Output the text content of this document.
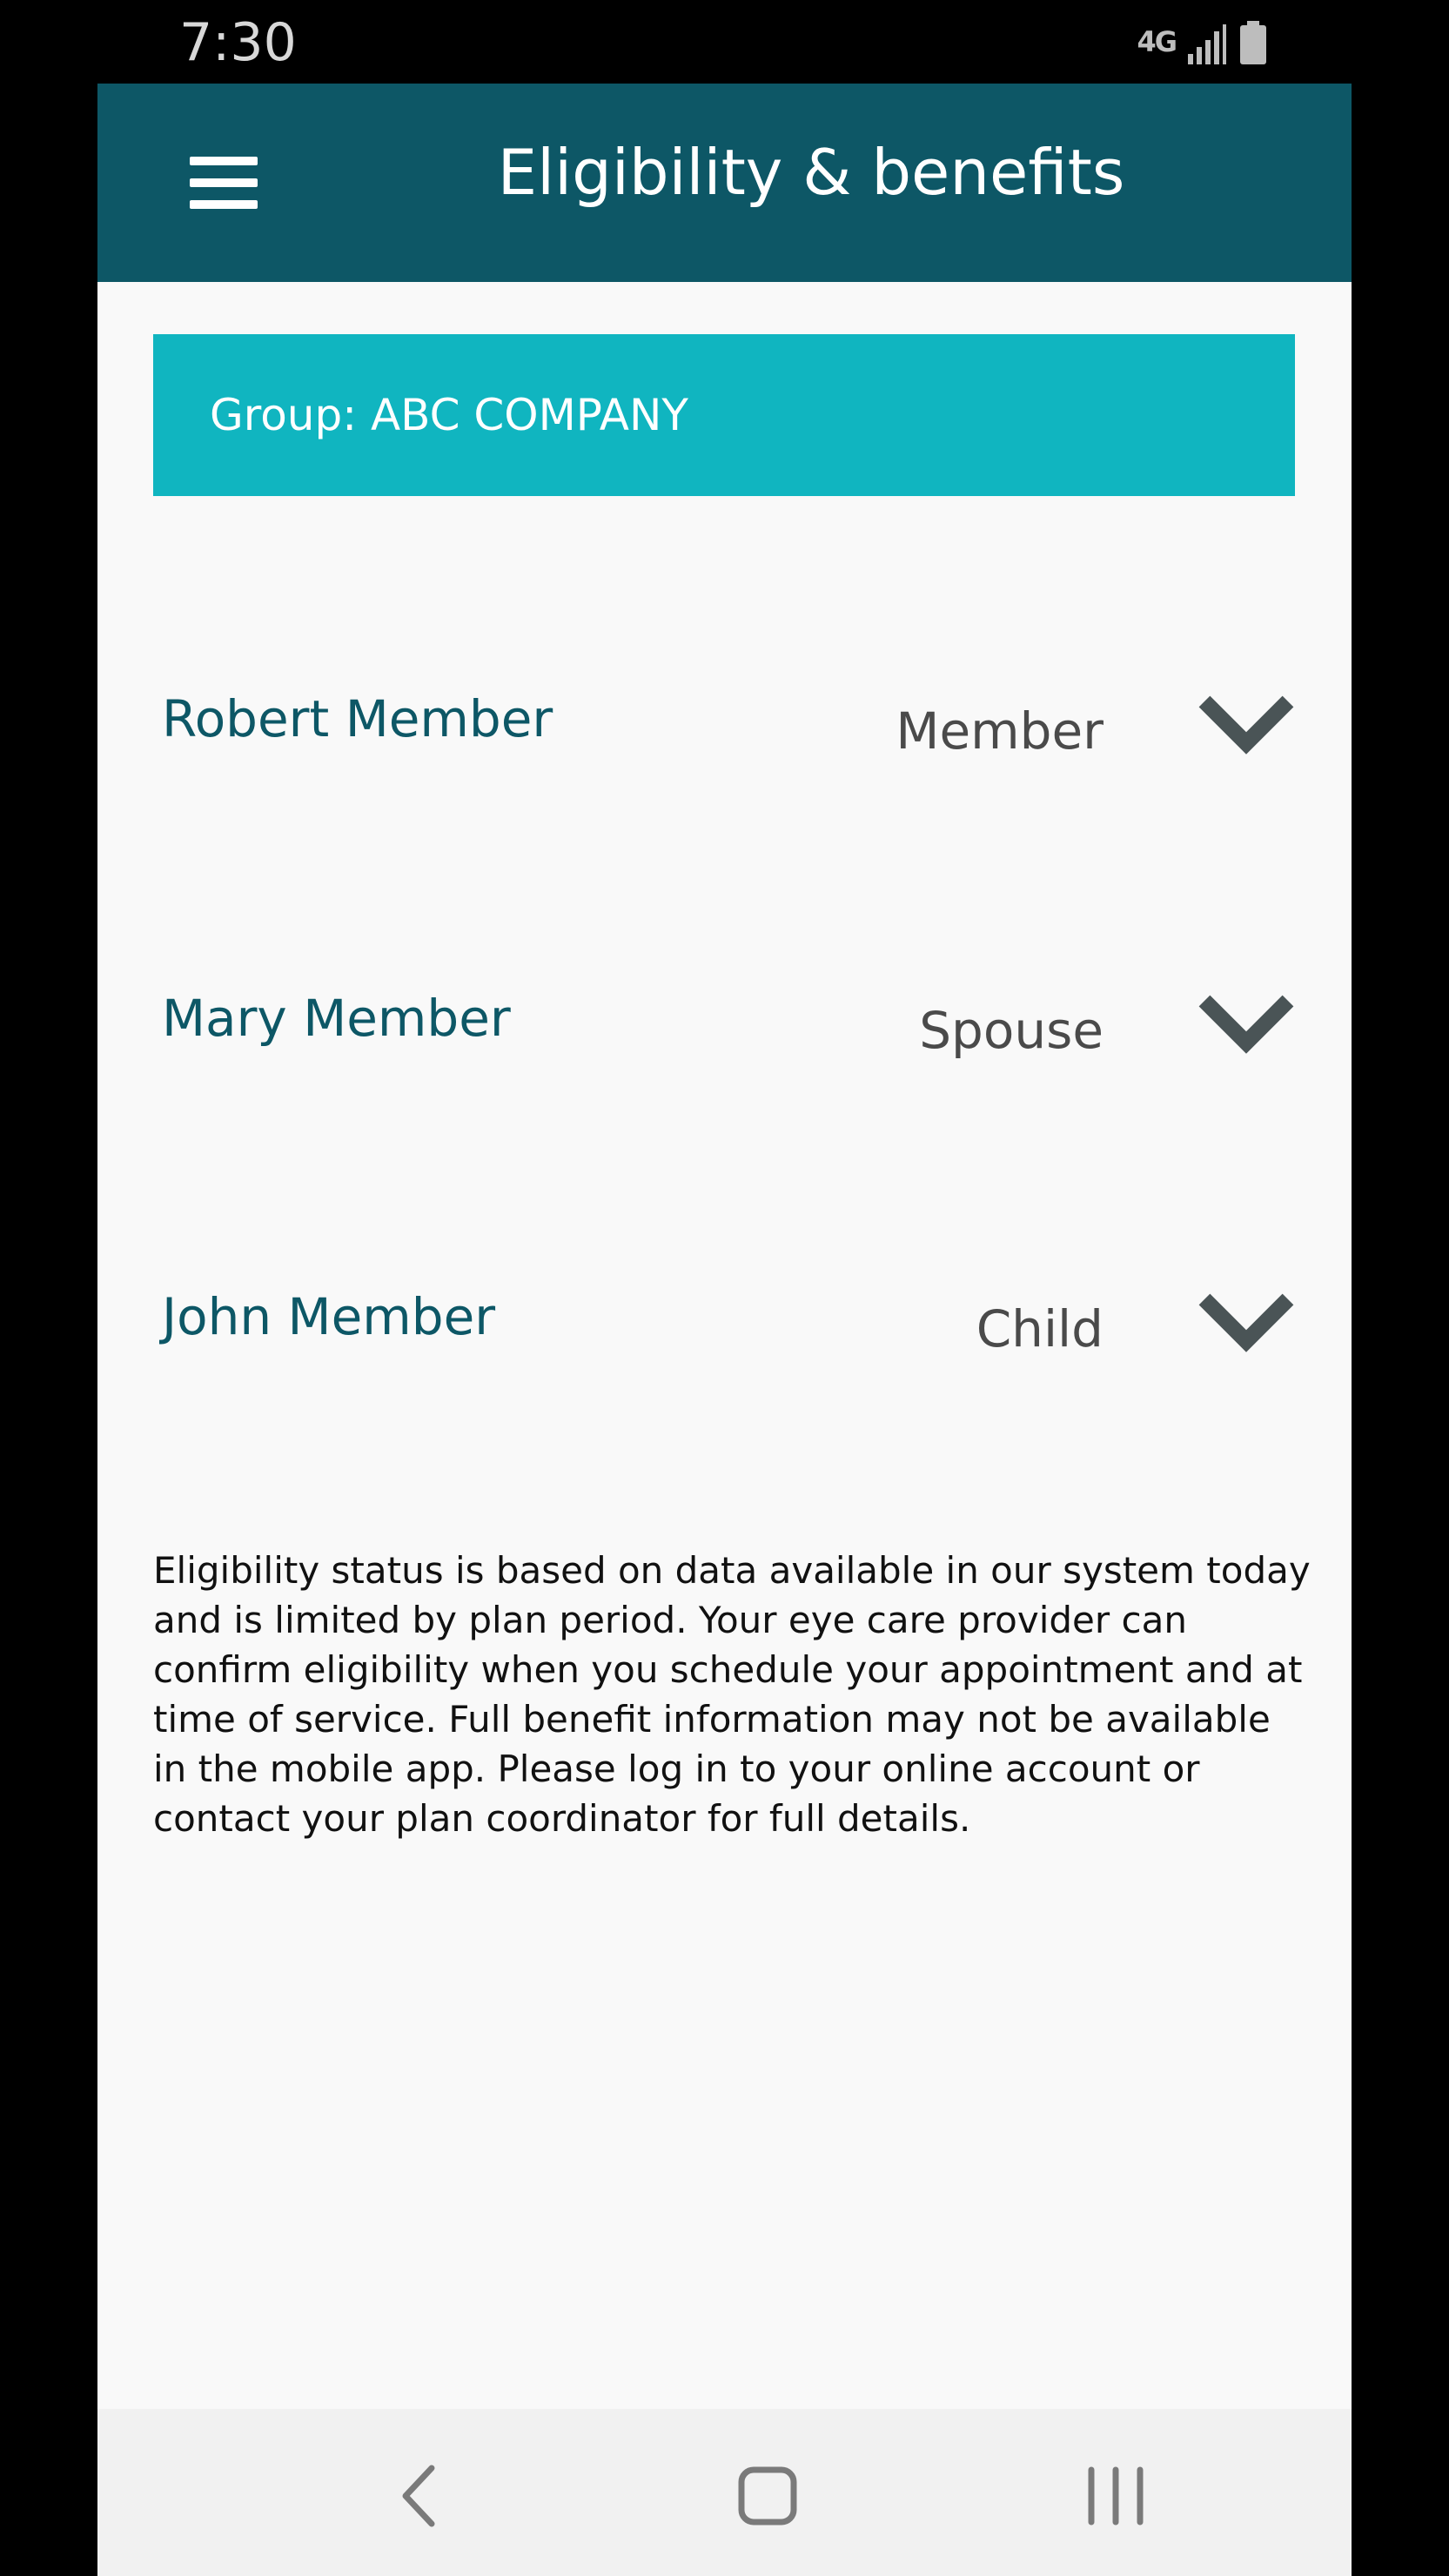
7:30	4G
Eligibility & benefits
Group: ABC COMPANY
Robert Member	Member
Mary Member	Spouse
John Member	Child
Eligibility status is based on data available in our system today and is limited by plan period. Your eye care provider can confirm eligibility when you schedule your appointment and at time of service. Full benefit information may not be available in the mobile app. Please log in to your online account or contact your plan coordinator for full details.
